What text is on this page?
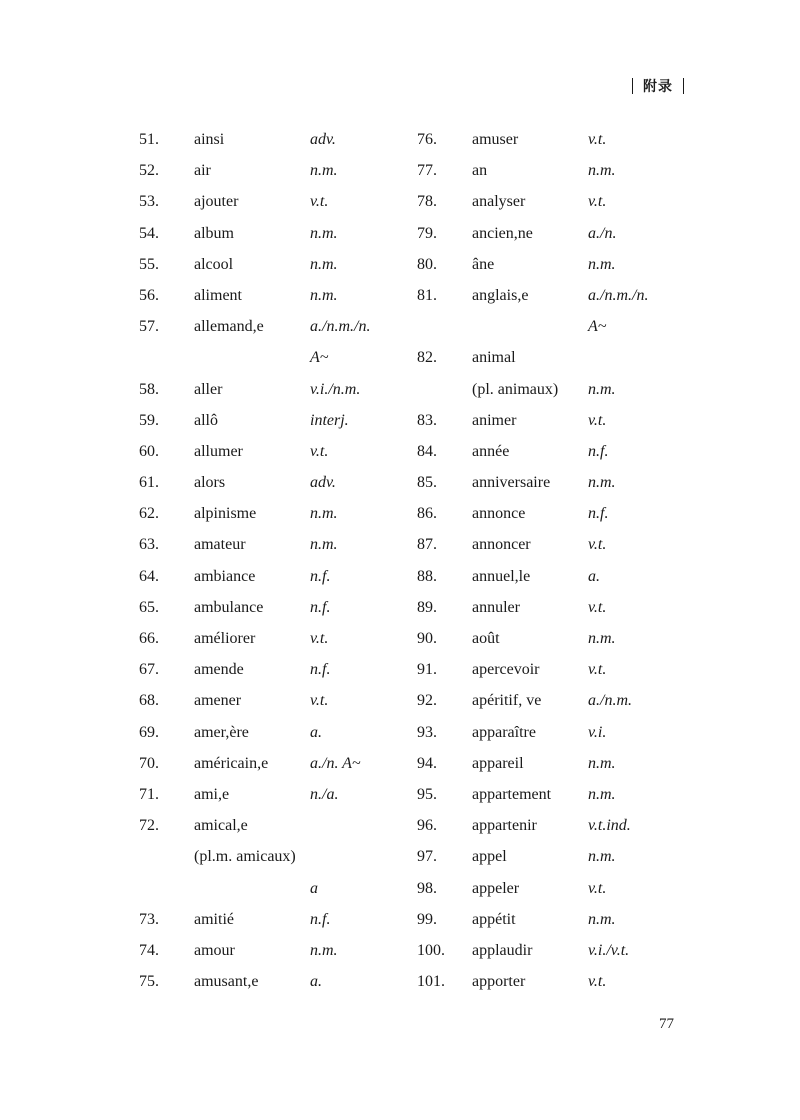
附录
51. ainsi	adv.
52. air	n.m.
53. ajouter	v.t.
54. album	n.m.
55. alcool	n.m.
56. aliment	n.m.
57. allemand,e	a./n.m./n.
A~
58. aller	v.i./n.m.
59. allô	interj.
60. allumer	v.t.
61. alors	adv.
62. alpinisme	n.m.
63. amateur	n.m.
64. ambiance	n.f.
65. ambulance	n.f.
66. améliorer	v.t.
67. amende	n.f.
68. amener	v.t.
69. amer,ère	a.
70. américain,e	a./n. A~
71. ami,e	n./a.
72. amical,e
(pl.m. amicaux)
a
73. amitié	n.f.
74. amour	n.m.
75. amusant,e	a.
76. amuser	v.t.
77. an	n.m.
78. analyser	v.t.
79. ancien,ne	a./n.
80. âne	n.m.
81. anglais,e	a./n.m./n.
A~
82. animal
(pl. animaux) n.m.
83. animer	v.t.
84. année	n.f.
85. anniversaire n.m.
86. annonce	n.f.
87. annoncer	v.t.
88. annuel,le	a.
89. annuler	v.t.
90. août	n.m.
91. apercevoir	v.t.
92. apéritif, ve	a./n.m.
93. apparaître	v.i.
94. appareil	n.m.
95. appartement n.m.
96. appartenir	v.t.ind.
97. appel	n.m.
98. appeler	v.t.
99. appétit	n.m.
100. applaudir	v.i./v.t.
101. apporter	v.t.
77
